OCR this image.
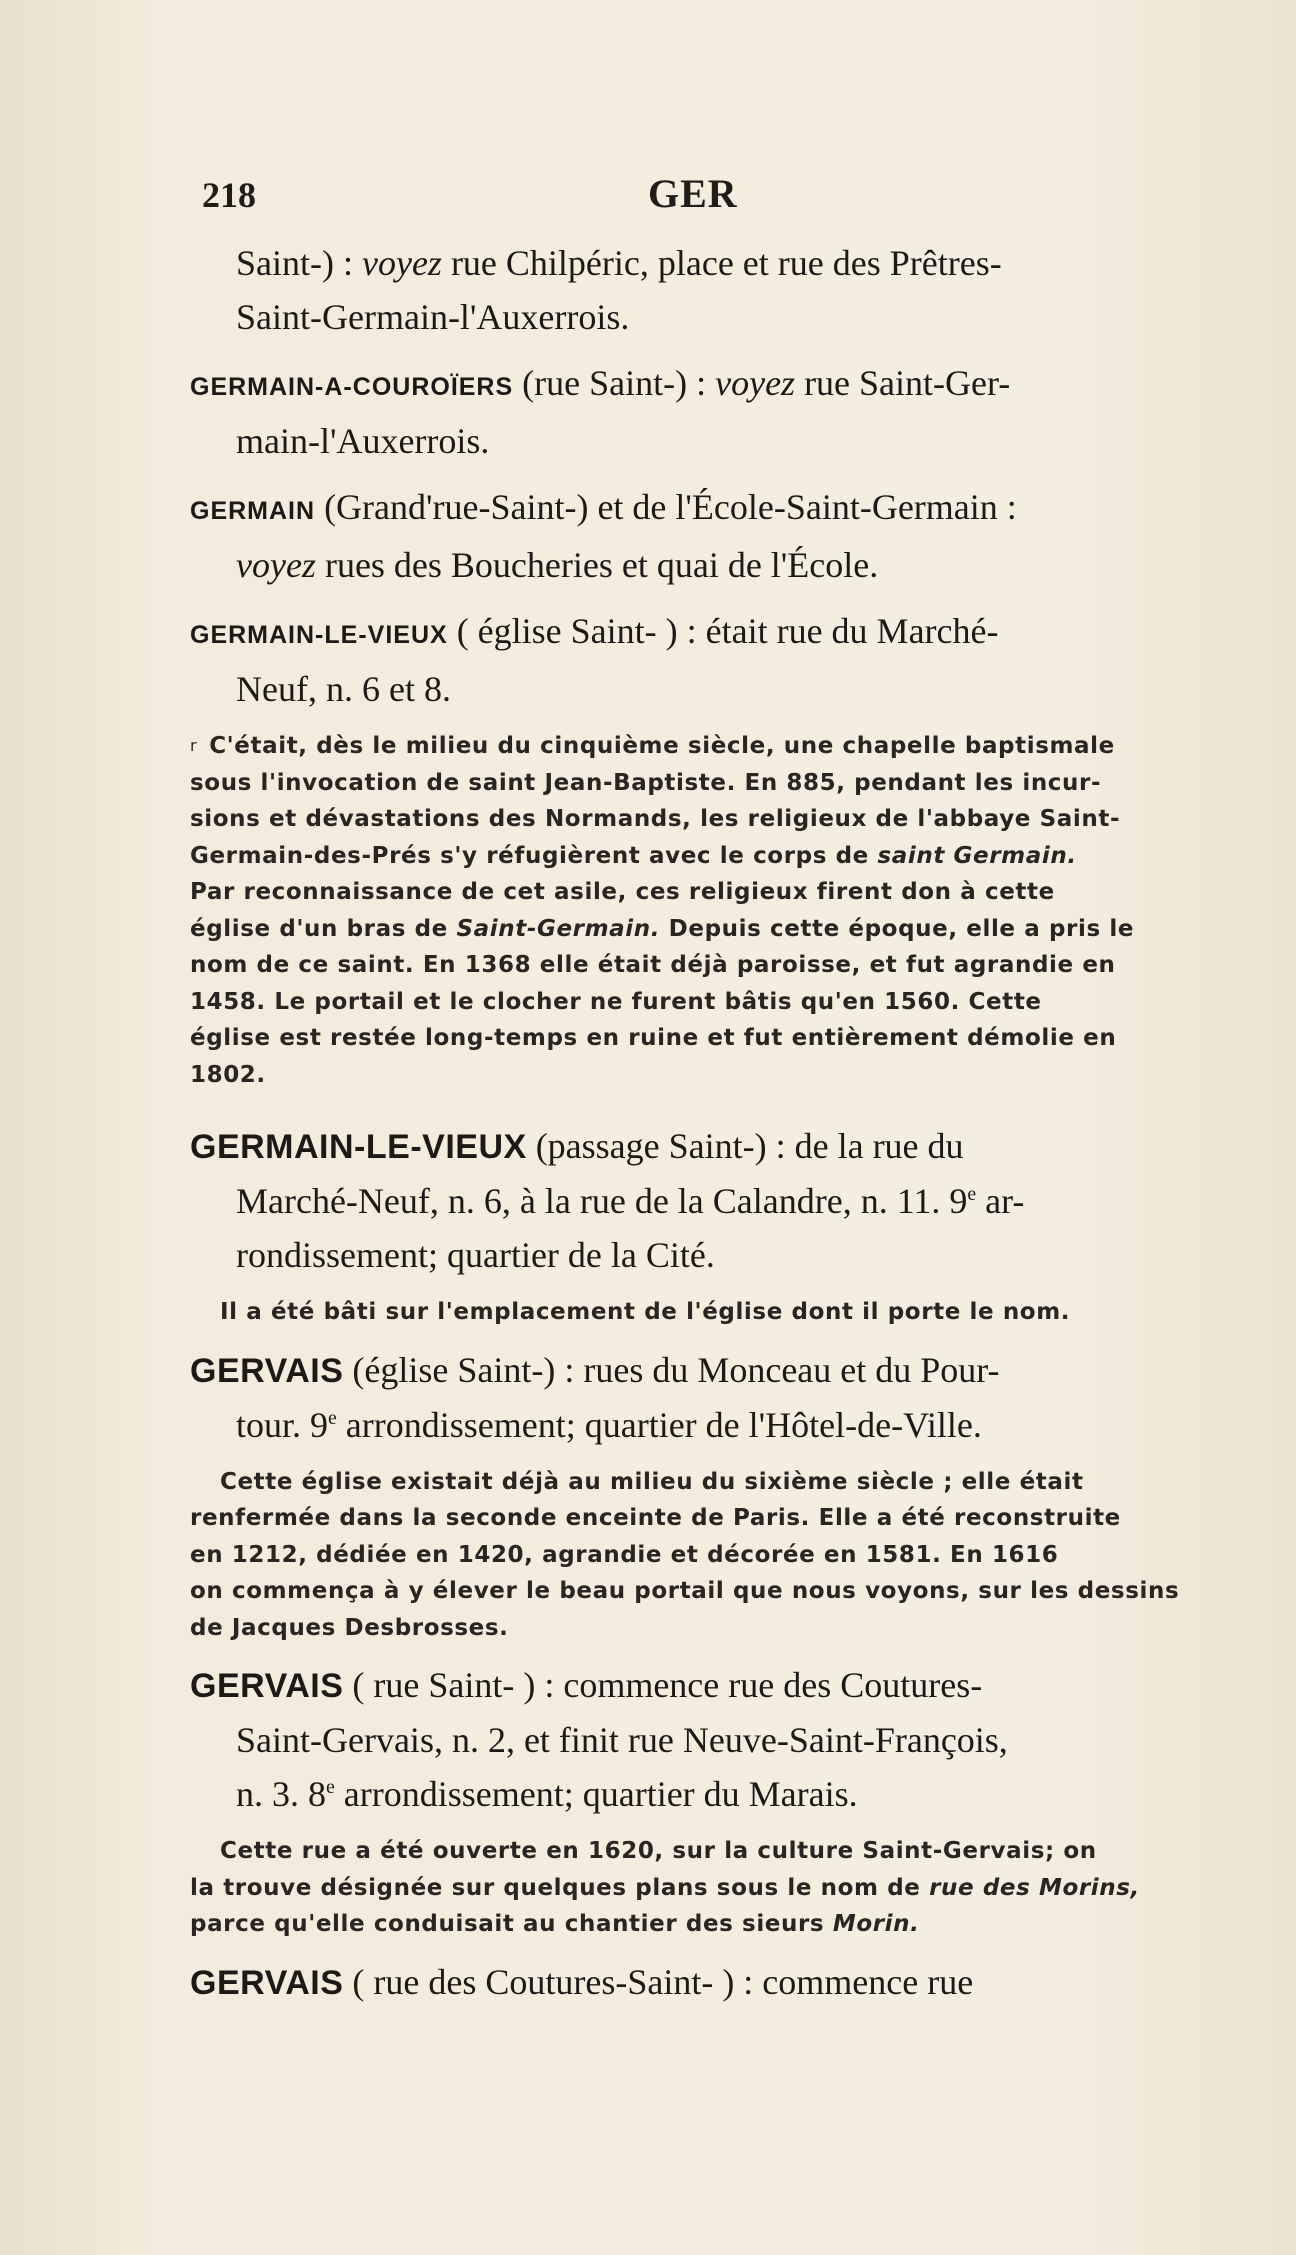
218	GER
Saint-) : voyez rue Chilpéric, place et rue des Prêtres-
Saint-Germain-l'Auxerrois.
GERMAIN-A-COUROÏERS (rue Saint-) : voyez rue Saint-Ger-
main-l'Auxerrois.
GERMAIN (Grand'rue-Saint-) et de l'École-Saint-Germain :
voyez rues des Boucheries et quai de l'École.
GERMAIN-LE-VIEUX ( église Saint- ) : était rue du Marché-
Neuf, n. 6 et 8.
$^r$ C'était, dès le milieu du cinquième siècle, une chapelle baptismale
sous l'invocation de saint Jean-Baptiste. En 885, pendant les incur-
sions et dévastations des Normands, les religieux de l'abbaye Saint-
Germain-des-Prés s'y réfugièrent avec le corps de saint Germain.
Par reconnaissance de cet asile, ces religieux firent don à cette
église d'un bras de Saint-Germain. Depuis cette époque, elle a pris le
nom de ce saint. En 1368 elle était déjà paroisse, et fut agrandie en
1458. Le portail et le clocher ne furent bâtis qu'en 1560. Cette
église est restée long-temps en ruine et fut entièrement démolie en
1802.
GERMAIN-LE-VIEUX (passage Saint-) : de la rue du
Marché-Neuf, n. 6, à la rue de la Calandre, n. 11. 9e ar-
rondissement; quartier de la Cité.
Il a été bâti sur l'emplacement de l'église dont il porte le nom.
GERVAIS (église Saint-) : rues du Monceau et du Pour-
tour. 9e arrondissement; quartier de l'Hôtel-de-Ville.
Cette église existait déjà au milieu du sixième siècle ; elle était
renfermée dans la seconde enceinte de Paris. Elle a été reconstruite
en 1212, dédiée en 1420, agrandie et décorée en 1581. En 1616
on commença à y élever le beau portail que nous voyons, sur les dessins
de Jacques Desbrosses.
GERVAIS ( rue Saint- ) : commence rue des Coutures-
Saint-Gervais, n. 2, et finit rue Neuve-Saint-François,
n. 3. 8e arrondissement; quartier du Marais.
Cette rue a été ouverte en 1620, sur la culture Saint-Gervais; on
la trouve désignée sur quelques plans sous le nom de rue des Morins,
parce qu'elle conduisait au chantier des sieurs Morin.
GERVAIS ( rue des Coutures-Saint- ) : commence rue
